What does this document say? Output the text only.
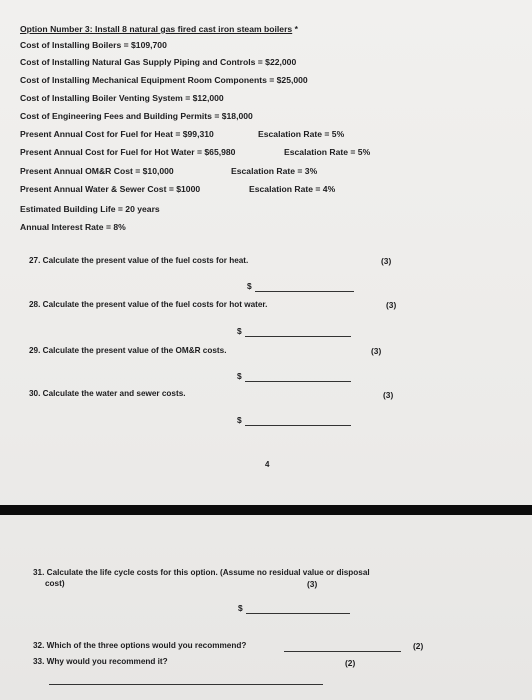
Option Number 3: Install 8 natural gas fired cast iron steam boilers *
Cost of Installing Boilers = $109,700
Cost of Installing Natural Gas Supply Piping and Controls = $22,000
Cost of Installing Mechanical Equipment Room Components = $25,000
Cost of Installing Boiler Venting System = $12,000
Cost of Engineering Fees and Building Permits = $18,000
Present Annual Cost for Fuel for Heat = $99,310	Escalation Rate = 5%
Present Annual Cost for Fuel for Hot Water = $65,980	Escalation Rate = 5%
Present Annual OM&R Cost = $10,000	Escalation Rate = 3%
Present Annual Water & Sewer Cost = $1000	Escalation Rate = 4%
Estimated Building Life = 20 years
Annual Interest Rate = 8%
27. Calculate the present value of the fuel costs for heat.	(3)
$
28. Calculate the present value of the fuel costs for hot water.	(3)
$
29. Calculate the present value of the OM&R costs.	(3)
$
30. Calculate the water and sewer costs.	(3)
$
4
31. Calculate the life cycle costs for this option. (Assume no residual value or disposal
cost)	(3)
$
32. Which of the three options would you recommend?	(2)
33. Why would you recommend it?	(2)
